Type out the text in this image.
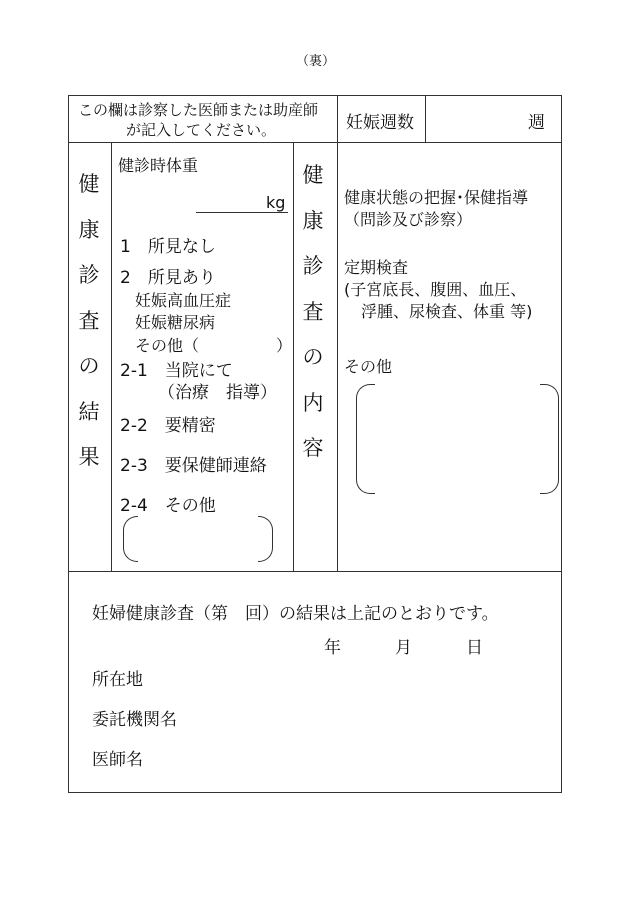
（裏）
この欄は診察した医師または助産師
が記入してください。	妊娠週数	週
健
康
診
査
の
結
果
健診時体重
kg
1　所見なし
2　所見あり
妊娠高血圧症
妊娠糖尿病
その他（	）
2-1　当院にて
（治療　指導）
2-2　要精密
2-3　要保健師連絡
2-4　その他
健
康
診
査
の
内
容
健康状態の把握･保健指導
（問診及び診察）
定期検査
(子宮底長、腹囲、血圧、
浮腫、尿検査、体重 等)
その他
妊婦健康診査（第　回）の結果は上記のとおりです。
年	月	日
所在地
委託機関名
医師名
